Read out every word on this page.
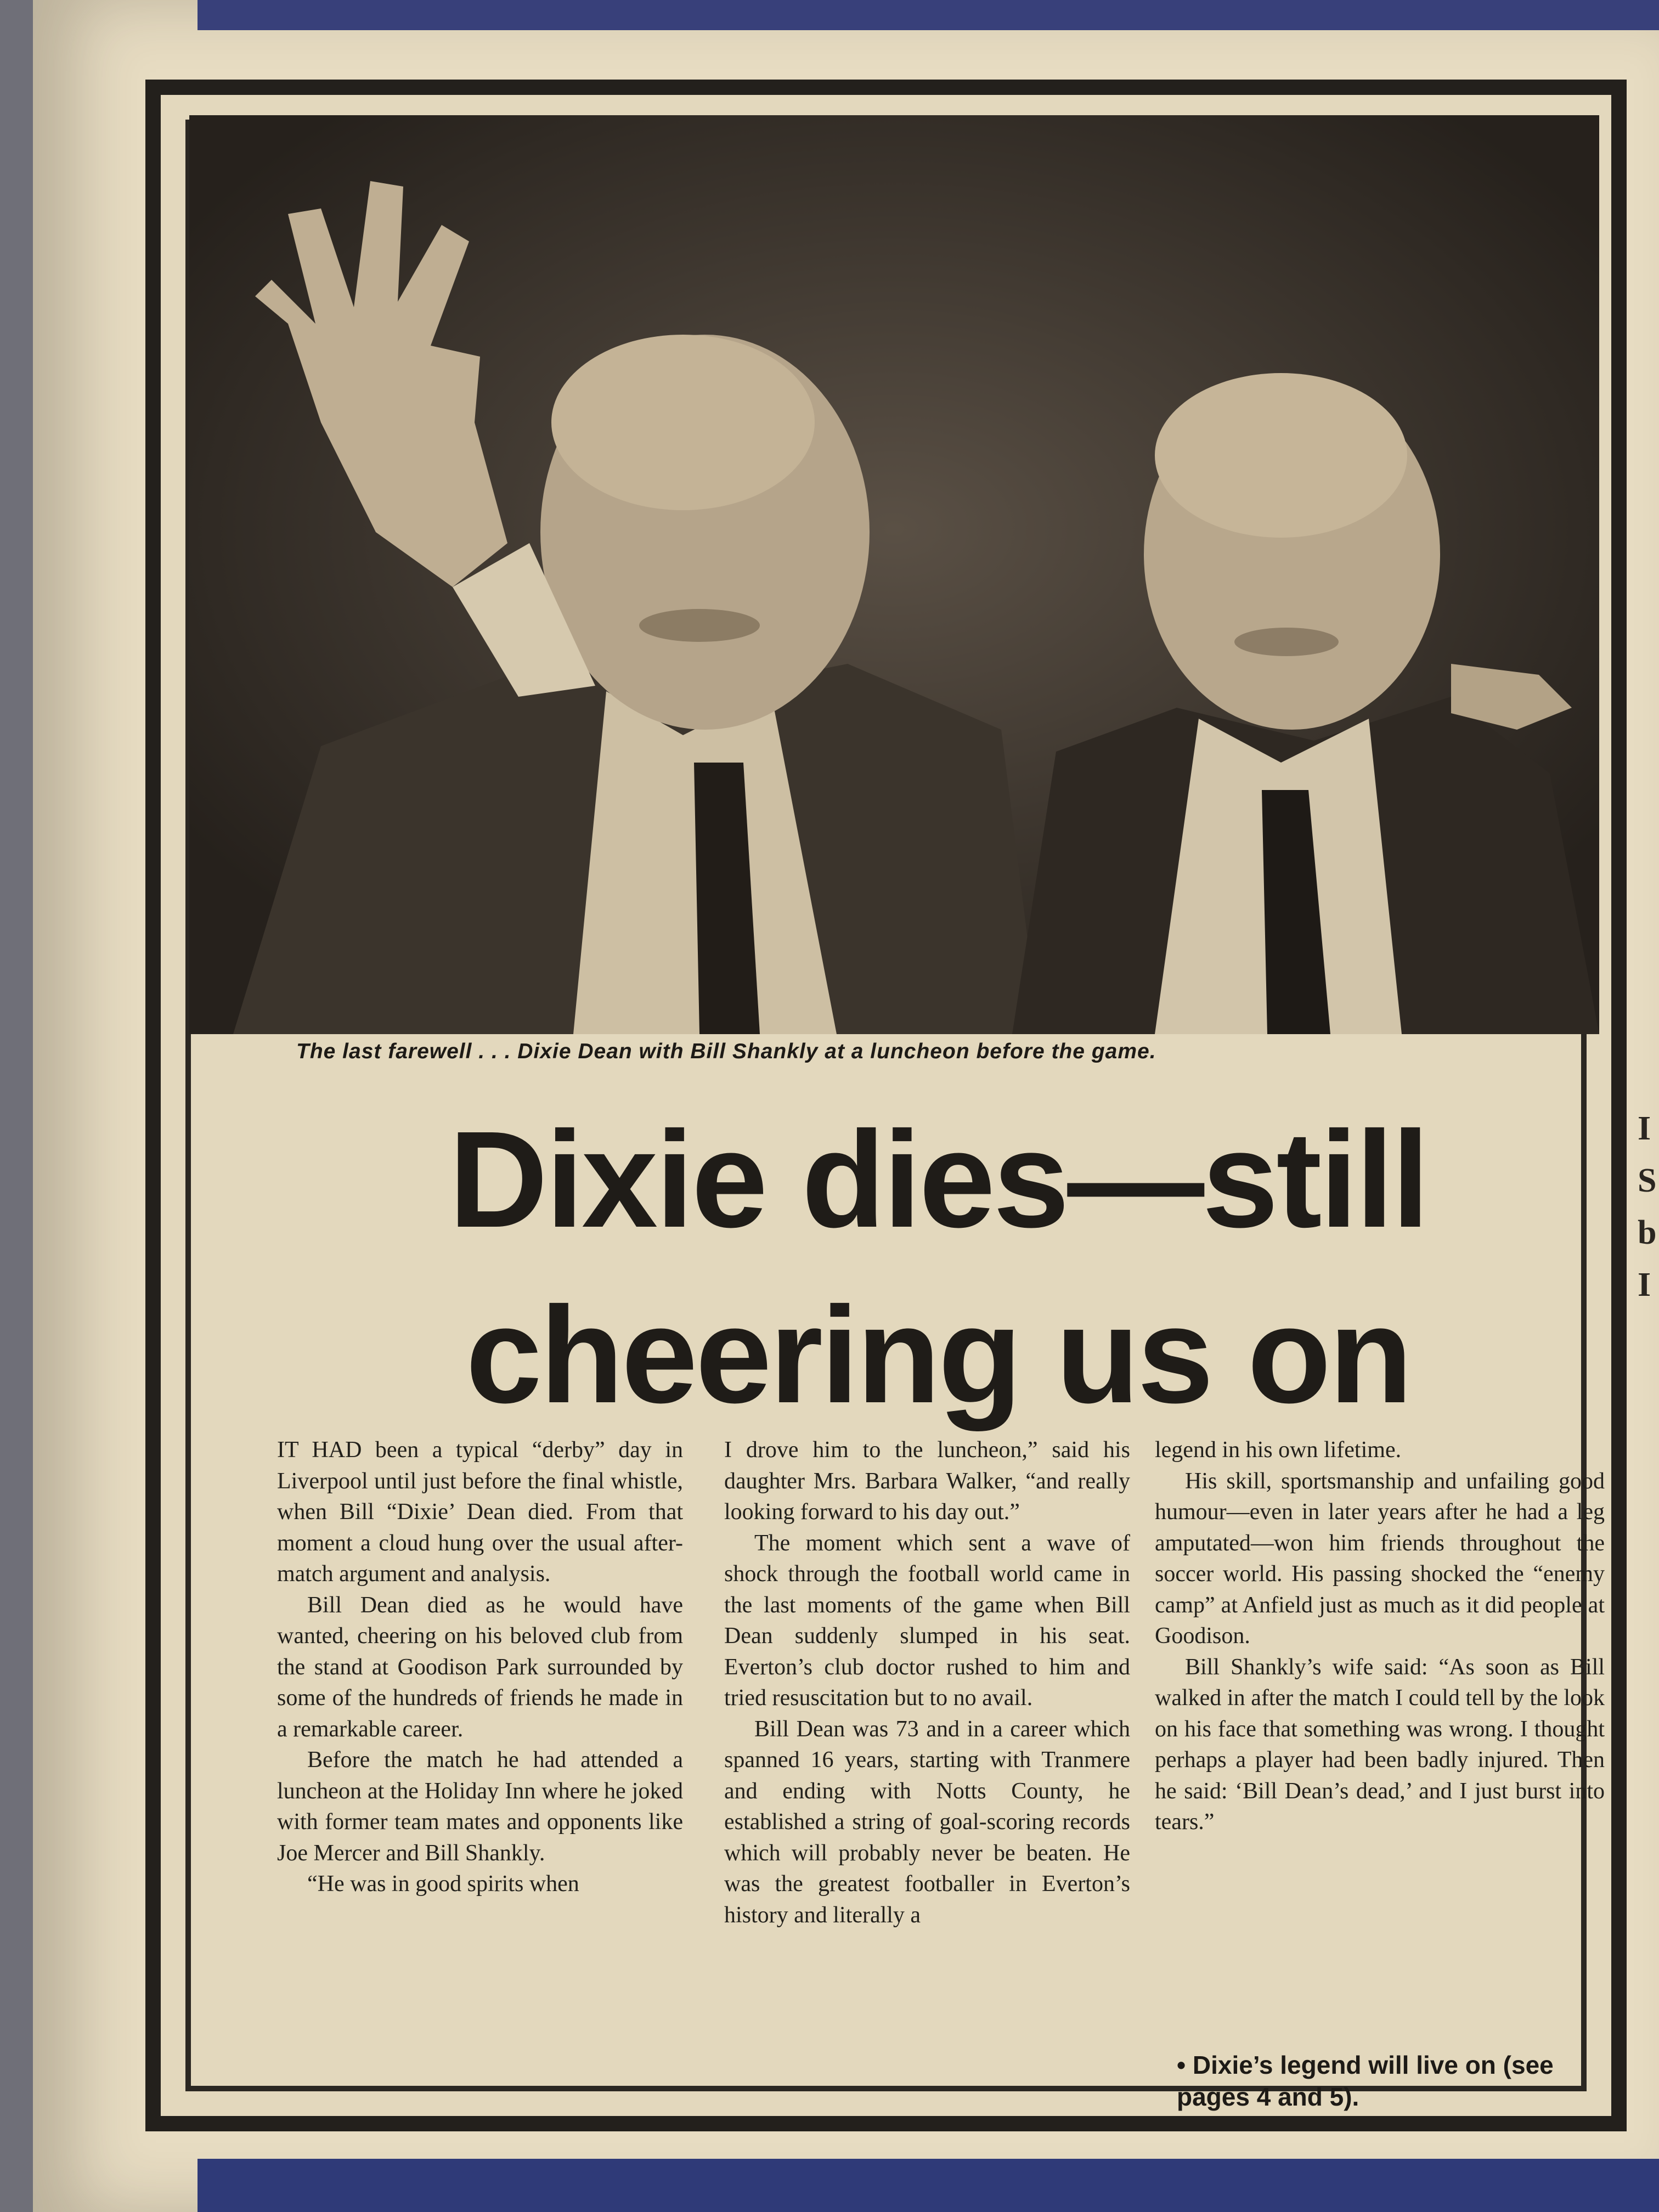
The last farewell . . . Dixie Dean with Bill Shankly at a luncheon before the game.
Dixie dies—still
cheering us on

IT HAD been a typical “derby” day in Liverpool until just before the final whistle, when Bill “Dixie’ Dean died. From that moment a cloud hung over the usual after-match argument and analysis.

Bill Dean died as he would have wanted, cheering on his beloved club from the stand at Goodison Park surrounded by some of the hundreds of friends he made in a remarkable career.

Before the match he had attended a luncheon at the Holiday Inn where he joked with former team mates and opponents like Joe Mercer and Bill Shankly.

“He was in good spirits when

I drove him to the luncheon,” said his daughter Mrs. Barbara Walker, “and really looking forward to his day out.”

The moment which sent a wave of shock through the football world came in the last moments of the game when Bill Dean suddenly slumped in his seat. Everton’s club doctor rushed to him and tried resuscitation but to no avail.

Bill Dean was 73 and in a career which spanned 16 years, starting with Tranmere and ending with Notts County, he established a string of goal-scoring records which will probably never be beaten. He was the greatest footballer in Everton’s history and literally a

legend in his own lifetime.

His skill, sportsmanship and unfailing good humour—even in later years after he had a leg amputated—won him friends throughout the soccer world. His passing shocked the “enemy camp” at Anfield just as much as it did people at Goodison.

Bill Shankly’s wife said: “As soon as Bill walked in after the match I could tell by the look on his face that something was wrong. I thought perhaps a player had been badly injured. Then he said: ‘Bill Dean’s dead,’ and I just burst into tears.”

• Dixie’s legend will live on (see pages 4 and 5).
I
S
b
I
